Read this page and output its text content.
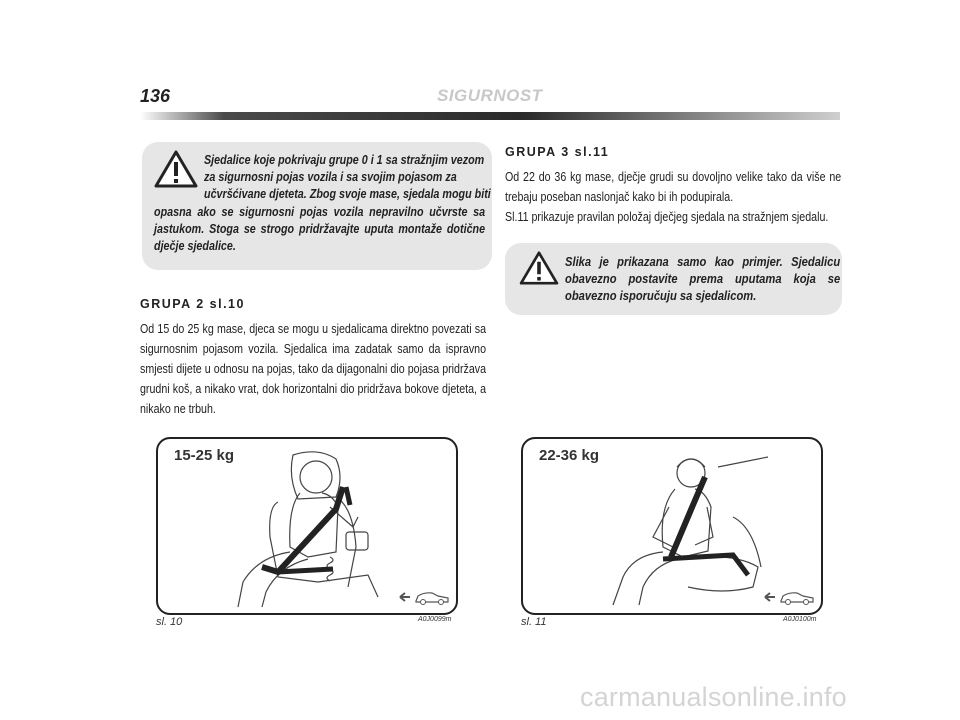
136	SIGURNOST
Sjedalice koje pokrivaju grupe 0 i 1 sa stražnjim vezom
za sigurnosni pojas vozila i sa svojim pojasom za
učvršćivane djeteta. Zbog svoje mase, sjedala mogu biti
opasna ako se sigurnosni pojas vozila nepravilno učvrste sa jastukom. Stoga se strogo pridržavajte uputa montaže dotične dječje sjedalice.
GRUPA 2 sl.10
Od 15 do 25 kg mase, djeca se mogu u sjedalicama direktno povezati sa sigurnosnim pojasom vozila. Sjedalica ima zadatak samo da ispravno smjesti dijete u odnosu na pojas, tako da dijagonalni dio pojasa pridržava grudni koš, a nikako vrat, dok horizontalni dio pridržava bokove djeteta, a nikako ne trbuh.
GRUPA 3 sl.11
Od 22 do 36 kg mase, dječje grudi su dovoljno velike tako da više ne trebaju poseban naslonjač kako bi ih podupirala.
Sl.11 prikazuje pravilan položaj dječjeg sjedala na stražnjem sjedalu.
Slika je prikazana samo kao primjer. Sjedalicu obavezno postavite prema uputama koja se obavezno isporučuju sa sjedalicom.
15-25 kg
sl. 10	A0J0099m
22-36 kg
sl. 11	A0J0100m
carmanualsonline.info
